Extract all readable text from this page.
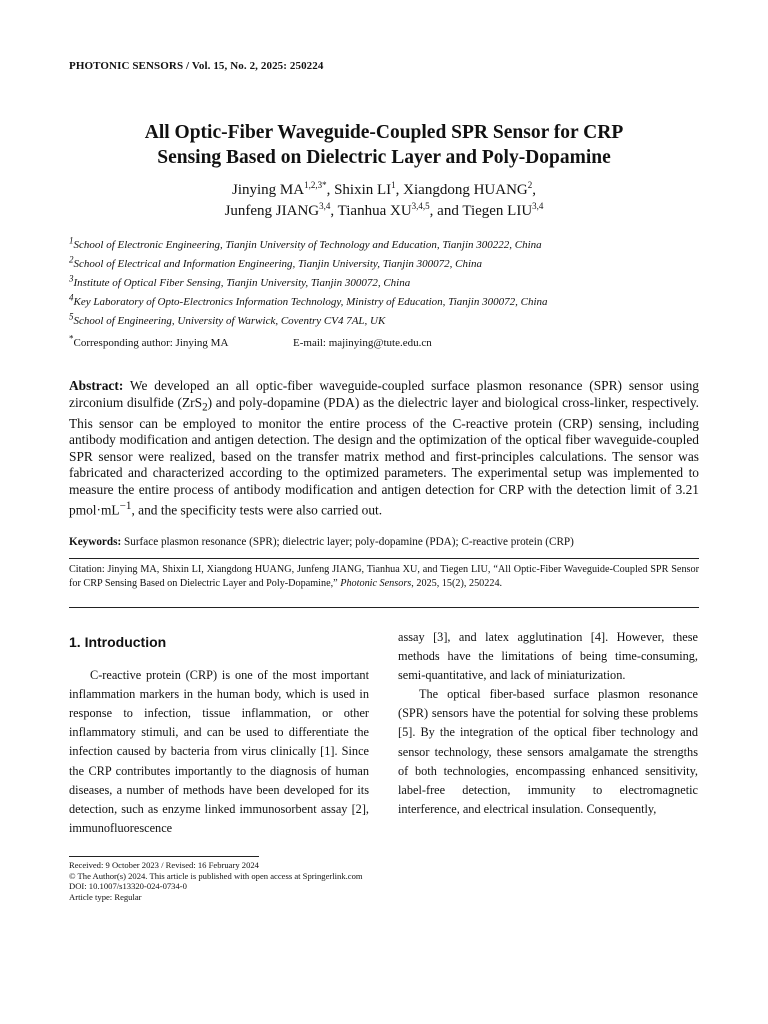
PHOTONIC SENSORS / Vol. 15, No. 2, 2025: 250224
All Optic-Fiber Waveguide-Coupled SPR Sensor for CRP
Sensing Based on Dielectric Layer and Poly-Dopamine
Jinying $MA^{1,2,3*}$, Shixin $LI^1$, Xiangdong HUANG$^2$,
Junfeng JIANG$^{3,4}$, Tianhua XU$^{3,4,5}$, and Tiegen LIU$^{3,4}$
$^1$School of Electronic Engineering, Tianjin University of Technology and Education, Tianjin 300222, China
$^2$School of Electrical and Information Engineering, Tianjin University, Tianjin 300072, China
$^3$Institute of Optical Fiber Sensing, Tianjin University, Tianjin 300072, China
$^4$Key Laboratory of Opto-Electronics Information Technology, Ministry of Education, Tianjin 300072, China
$^5$School of Engineering, University of Warwick, Coventry CV4 7AL, UK
*Corresponding author: Jinying MA	E-mail: majinying@tute.edu.cn
Abstract: We developed an all optic-fiber waveguide-coupled surface plasmon resonance (SPR) sensor using zirconium disulfide (ZrS$_2$) and poly-dopamine (PDA) as the dielectric layer and biological cross-linker, respectively. This sensor can be employed to monitor the entire process of the C-reactive protein (CRP) sensing, including antibody modification and antigen detection. The design and the optimization of the optical fiber waveguide-coupled SPR sensor were realized, based on the transfer matrix method and first-principles calculations. The sensor was fabricated and characterized according to the optimized parameters. The experimental setup was implemented to measure the entire process of antibody modification and antigen detection for CRP with the detection limit of 3.21 $pmol\cdot mL^{-1}$, and the specificity tests were also carried out.
Keywords: Surface plasmon resonance (SPR); dielectric layer; poly-dopamine (PDA); C-reactive protein (CRP)
Citation: Jinying MA, Shixin LI, Xiangdong HUANG, Junfeng JIANG, Tianhua XU, and Tiegen LIU, “All Optic-Fiber Waveguide-Coupled SPR Sensor for CRP Sensing Based on Dielectric Layer and Poly-Dopamine,” Photonic Sensors, 2025, 15(2), 250224.
1. Introduction

C-reactive protein (CRP) is one of the most important inflammation markers in the human body, which is used in response to infection, tissue inflammation, or other inflammatory stimuli, and can be used to differentiate the infection caused by bacteria from virus clinically [1]. Since the CRP contributes importantly to the diagnosis of human diseases, a number of methods have been developed for its detection, such as enzyme linked immunosorbent assay [2], immunofluorescence

assay [3], and latex agglutination [4]. However, these methods have the limitations of being time-consuming, semi-quantitative, and lack of miniaturization.

The optical fiber-based surface plasmon resonance (SPR) sensors have the potential for solving these problems [5]. By the integration of the optical fiber technology and sensor technology, these sensors amalgamate the strengths of both technologies, encompassing enhanced sensitivity, label-free detection, immunity to electromagnetic interference, and electrical insulation. Consequently,

Received: 9 October 2023 / Revised: 16 February 2024
© The Author(s) 2024. This article is published with open access at Springerlink.com
DOI: 10.1007/s13320-024-0734-0
Article type: Regular
